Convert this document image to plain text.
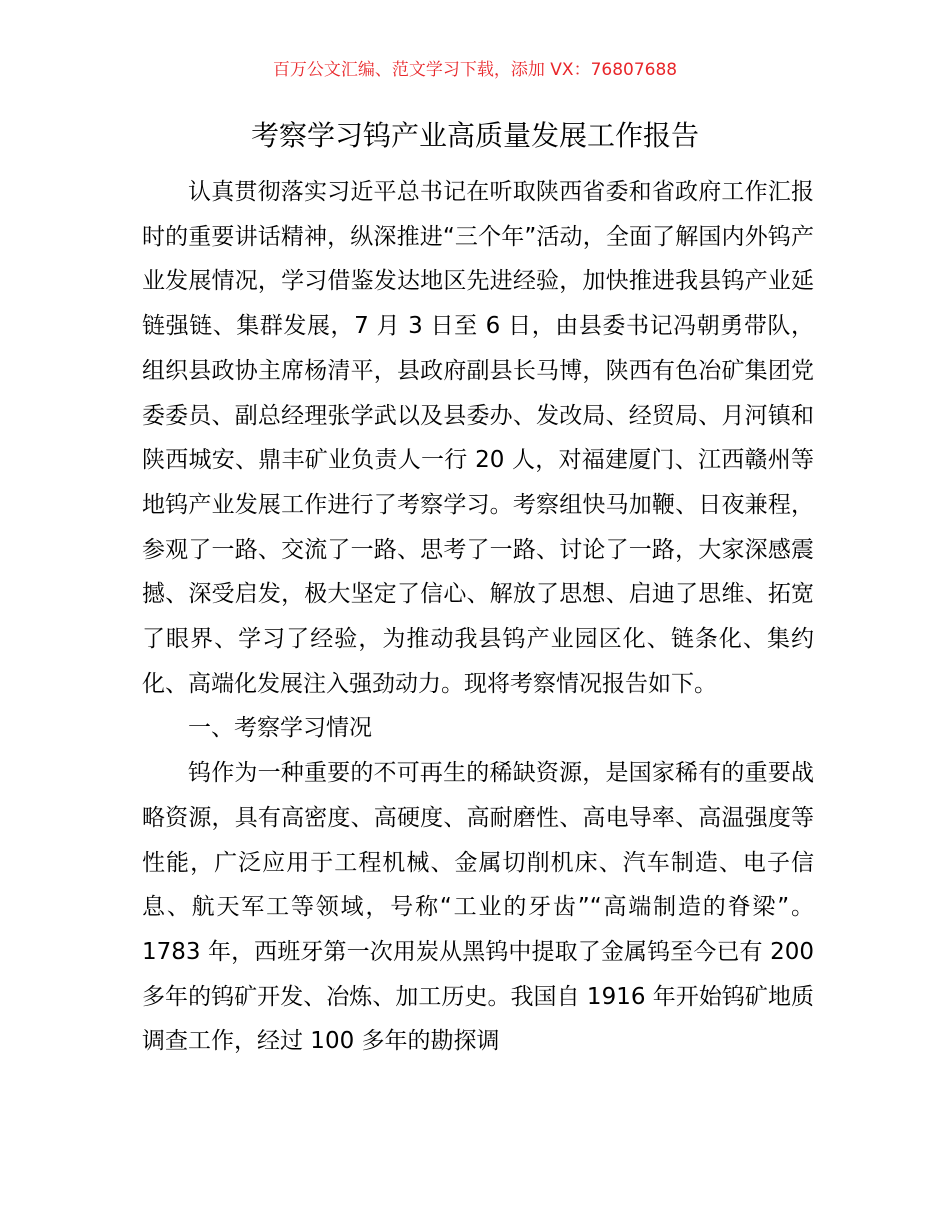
百万公文汇编、范文学习下载，添加 VX：76807688
考察学习钨产业高质量发展工作报告

认真贯彻落实习近平总书记在听取陕西省委和省政府工作汇报时的重要讲话精神，纵深推进“三个年”活动，全面了解国内外钨产业发展情况，学习借鉴发达地区先进经验，加快推进我县钨产业延链强链、集群发展，7 月 3 日至 6 日，由县委书记冯朝勇带队，组织县政协主席杨清平，县政府副县长马博，陕西有色冶矿集团党委委员、副总经理张学武以及县委办、发改局、经贸局、月河镇和陕西城安、鼎丰矿业负责人一行 20 人，对福建厦门、江西赣州等地钨产业发展工作进行了考察学习。考察组快马加鞭、日夜兼程，参观了一路、交流了一路、思考了一路、讨论了一路，大家深感震撼、深受启发，极大坚定了信心、解放了思想、启迪了思维、拓宽了眼界、学习了经验，为推动我县钨产业园区化、链条化、集约化、高端化发展注入强劲动力。现将考察情况报告如下。

一、考察学习情况

钨作为一种重要的不可再生的稀缺资源，是国家稀有的重要战略资源，具有高密度、高硬度、高耐磨性、高电导率、高温强度等性能，广泛应用于工程机械、金属切削机床、汽车制造、电子信息、航天军工等领域，号称“工业的牙齿”“高端制造的脊梁”。1783 年，西班牙第一次用炭从黑钨中提取了金属钨至今已有 200 多年的钨矿开发、冶炼、加工历史。我国自 1916 年开始钨矿地质调查工作，经过 100 多年的勘探调
